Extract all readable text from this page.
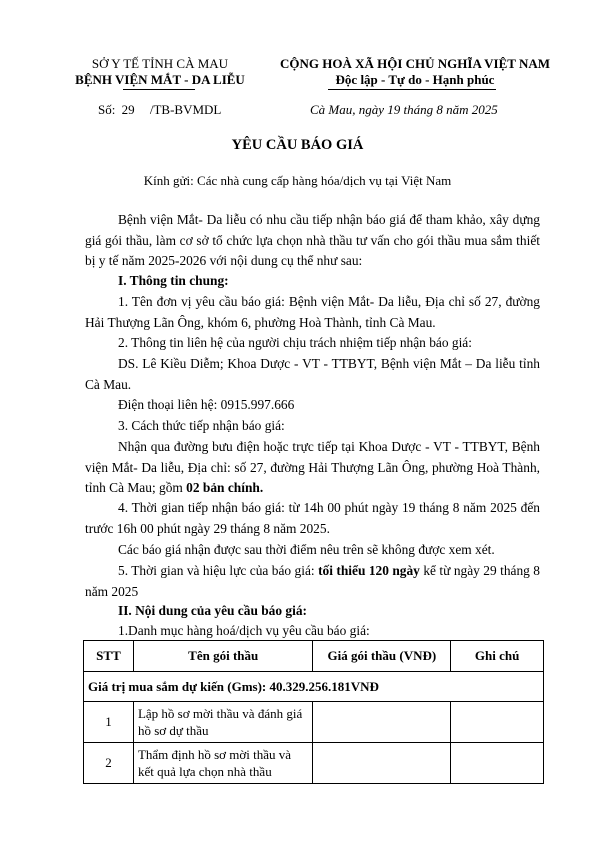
SỞ Y TẾ TỈNH CÀ MAU
BỆNH VIỆN MẮT - DA LIỄU
CỘNG HOÀ XÃ HỘI CHỦ NGHĨA VIỆT NAM
Độc lập - Tự do - Hạnh phúc
Số: 29 /TB-BVMDL	Cà Mau, ngày 19 tháng 8 năm 2025
YÊU CẦU BÁO GIÁ
Kính gửi: Các nhà cung cấp hàng hóa/dịch vụ tại Việt Nam
Bệnh viện Mắt- Da liễu có nhu cầu tiếp nhận báo giá để tham khảo, xây dựng giá gói thầu, làm cơ sở tổ chức lựa chọn nhà thầu tư vấn cho gói thầu mua sắm thiết bị y tế năm 2025-2026 với nội dung cụ thể như sau:
I. Thông tin chung:
1. Tên đơn vị yêu cầu báo giá: Bệnh viện Mắt- Da liễu, Địa chỉ số 27, đường Hải Thượng Lãn Ông, khóm 6, phường Hoà Thành, tỉnh Cà Mau.
2. Thông tin liên hệ của người chịu trách nhiệm tiếp nhận báo giá:
DS. Lê Kiều Diễm; Khoa Dược - VT - TTBYT, Bệnh viện Mắt – Da liễu tỉnh Cà Mau.
Điện thoại liên hệ: 0915.997.666
3. Cách thức tiếp nhận báo giá:
Nhận qua đường bưu điện hoặc trực tiếp tại Khoa Dược - VT - TTBYT, Bệnh viện Mắt- Da liễu, Địa chỉ: số 27, đường Hải Thượng Lãn Ông, phường Hoà Thành, tỉnh Cà Mau; gồm 02 bản chính.
4. Thời gian tiếp nhận báo giá: từ 14h 00 phút ngày 19 tháng 8 năm 2025 đến trước 16h 00 phút ngày 29 tháng 8 năm 2025.
Các báo giá nhận được sau thời điểm nêu trên sẽ không được xem xét.
5. Thời gian và hiệu lực của báo giá: tối thiểu 120 ngày kể từ ngày 29 tháng 8 năm 2025
II. Nội dung của yêu cầu báo giá:
1.Danh mục hàng hoá/dịch vụ yêu cầu báo giá:
STT	Tên gói thầu	Giá gói thầu (VNĐ)	Ghi chú
Giá trị mua sắm dự kiến (Gms): 40.329.256.181VNĐ			
1	Lập hồ sơ mời thầu và đánh giá hồ sơ dự thầu		
2	Thẩm định hồ sơ mời thầu và kết quả lựa chọn nhà thầu		
